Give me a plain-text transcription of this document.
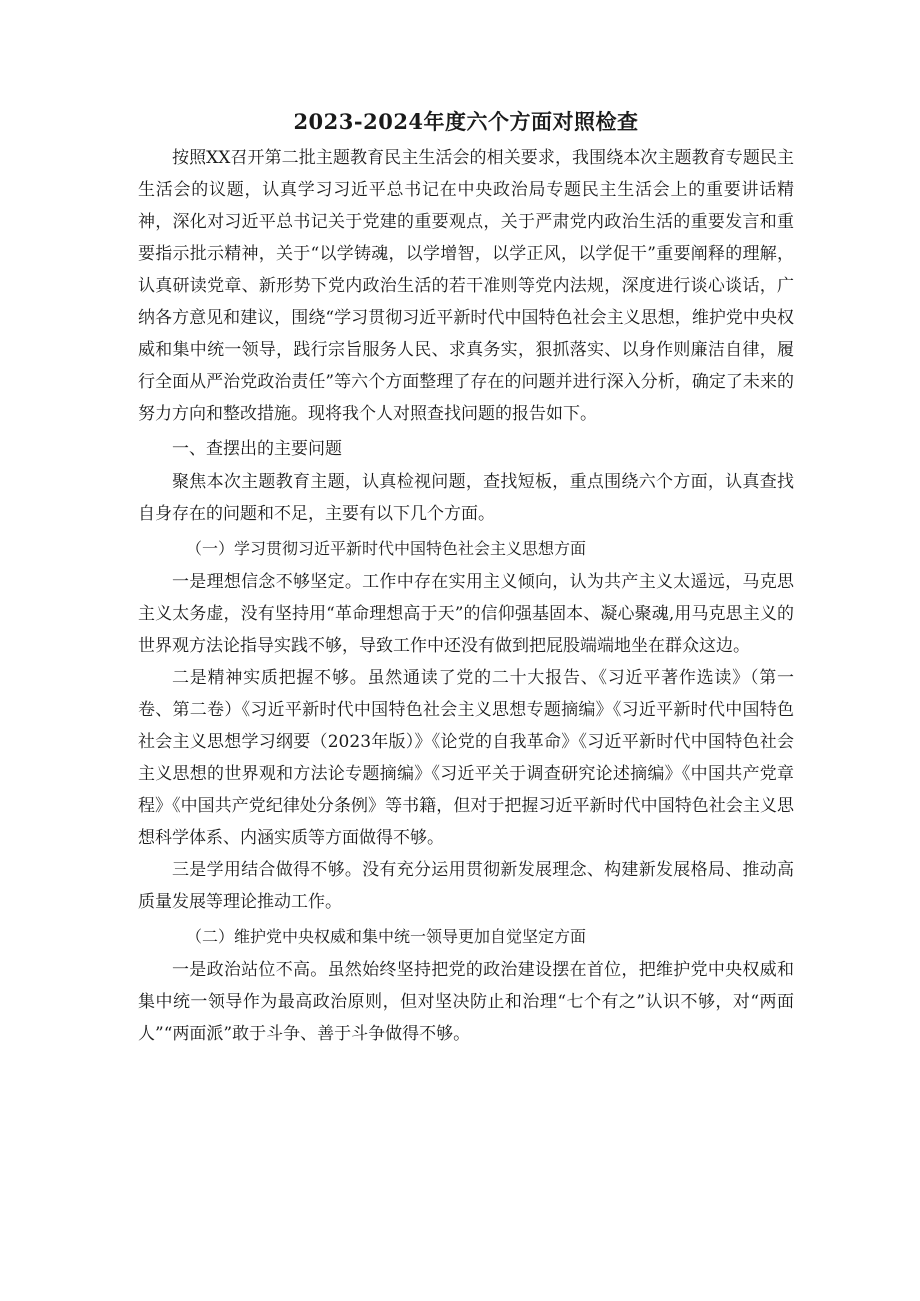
2023-2024年度六个方面对照检查

按照XX召开第二批主题教育民主生活会的相关要求，我围绕本次主题教育专题民主生活会的议题，认真学习习近平总书记在中央政治局专题民主生活会上的重要讲话精神，深化对习近平总书记关于党建的重要观点，关于严肃党内政治生活的重要发言和重要指示批示精神，关于“以学铸魂，以学增智，以学正风，以学促干”重要阐释的理解，认真研读党章、新形势下党内政治生活的若干准则等党内法规，深度进行谈心谈话，广纳各方意见和建议，围绕“学习贯彻习近平新时代中国特色社会主义思想，维护党中央权威和集中统一领导，践行宗旨服务人民、求真务实，狠抓落实、以身作则廉洁自律，履行全面从严治党政治责任”等六个方面整理了存在的问题并进行深入分析，确定了未来的努力方向和整改措施。现将我个人对照查找问题的报告如下。

一、查摆出的主要问题

聚焦本次主题教育主题，认真检视问题，查找短板，重点围绕六个方面，认真查找自身存在的问题和不足，主要有以下几个方面。

（一）学习贯彻习近平新时代中国特色社会主义思想方面

一是理想信念不够坚定。工作中存在实用主义倾向，认为共产主义太遥远，马克思主义太务虚，没有坚持用“革命理想高于天”的信仰强基固本、凝心聚魂,用马克思主义的世界观方法论指导实践不够，导致工作中还没有做到把屁股端端地坐在群众这边。

二是精神实质把握不够。虽然通读了党的二十大报告、《习近平著作选读》（第一卷、第二卷）《习近平新时代中国特色社会主义思想专题摘编》《习近平新时代中国特色社会主义思想学习纲要（2023年版）》《论党的自我革命》《习近平新时代中国特色社会主义思想的世界观和方法论专题摘编》《习近平关于调查研究论述摘编》《中国共产党章程》《中国共产党纪律处分条例》等书籍，但对于把握习近平新时代中国特色社会主义思想科学体系、内涵实质等方面做得不够。

三是学用结合做得不够。没有充分运用贯彻新发展理念、构建新发展格局、推动高质量发展等理论推动工作。

（二）维护党中央权威和集中统一领导更加自觉坚定方面

一是政治站位不高。虽然始终坚持把党的政治建设摆在首位，把维护党中央权威和集中统一领导作为最高政治原则，但对坚决防止和治理“七个有之”认识不够，对“两面人”“两面派”敢于斗争、善于斗争做得不够。
